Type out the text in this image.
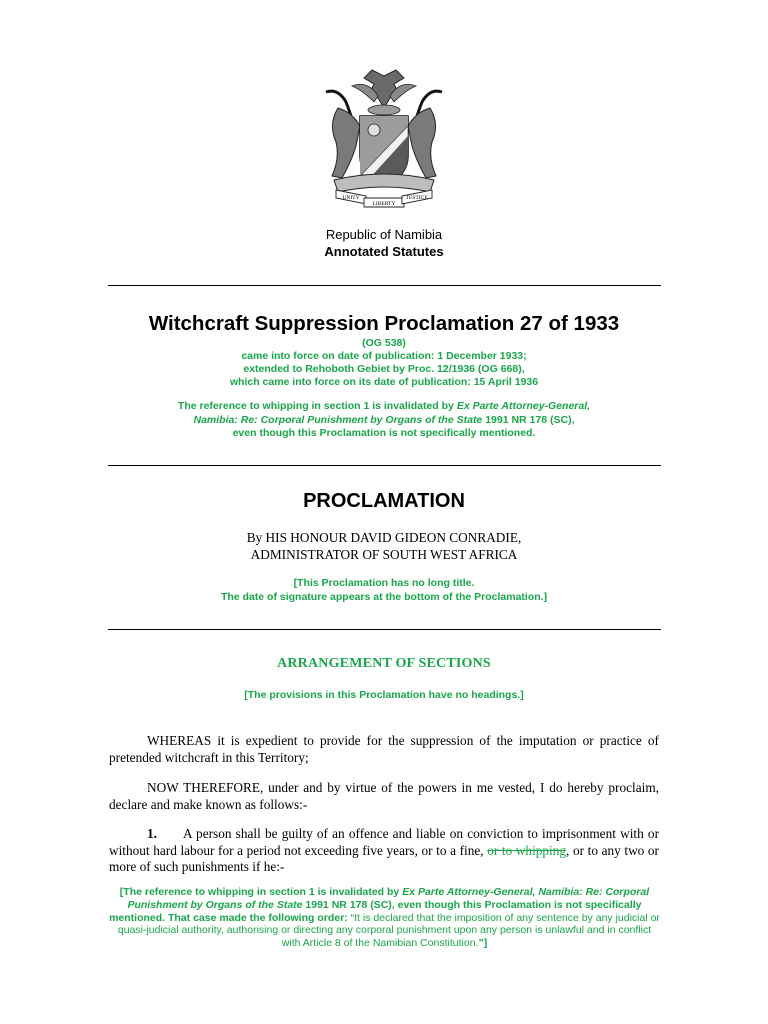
UNITY
LIBERTY
JUSTICE
Republic of Namibia
Annotated Statutes
Witchcraft Suppression Proclamation 27 of 1933
(OG 538)
came into force on date of publication: 1 December 1933;
extended to Rehoboth Gebiet by Proc. 12/1936 (OG 668),
which came into force on its date of publication: 15 April 1936
The reference to whipping in section 1 is invalidated by Ex Parte Attorney-General,
Namibia: Re: Corporal Punishment by Organs of the State 1991 NR 178 (SC),
even though this Proclamation is not specifically mentioned.
PROCLAMATION
By HIS HONOUR DAVID GIDEON CONRADIE,
ADMINISTRATOR OF SOUTH WEST AFRICA
[This Proclamation has no long title.
The date of signature appears at the bottom of the Proclamation.]
ARRANGEMENT OF SECTIONS
[The provisions in this Proclamation have no headings.]
WHEREAS it is expedient to provide for the suppression of the imputation or practice of pretended witchcraft in this Territory;
NOW THEREFORE, under and by virtue of the powers in me vested, I do hereby proclaim, declare and make known as follows:-
1. A person shall be guilty of an offence and liable on conviction to imprisonment with or without hard labour for a period not exceeding five years, or to a fine, or to whipping, or to any two or more of such punishments if he:-
[The reference to whipping in section 1 is invalidated by Ex Parte Attorney-General, Namibia: Re: Corporal Punishment by Organs of the State 1991 NR 178 (SC), even though this Proclamation is not specifically mentioned. That case made the following order: “It is declared that the imposition of any sentence by any judicial or quasi-judicial authority, authorising or directing any corporal punishment upon any person is unlawful and in conflict with Article 8 of the Namibian Constitution.”]
